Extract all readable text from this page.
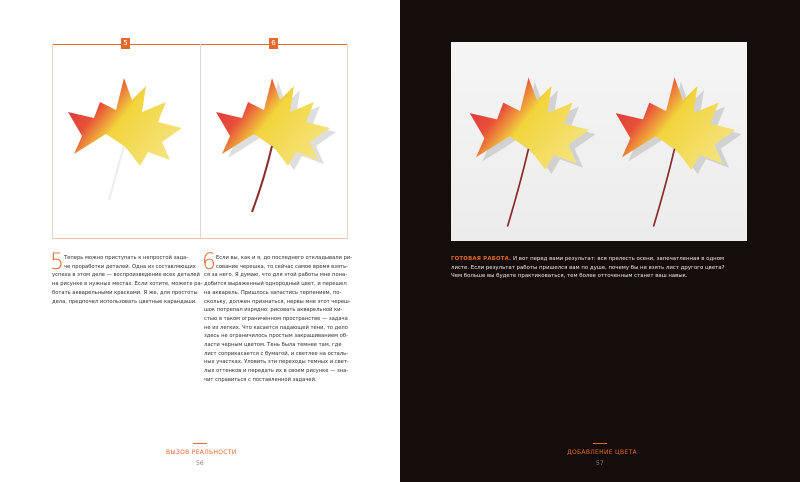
5	6
5 Теперь можно приступать к непростой зада-
че проработки деталей. Одна из составляющих
успеха в этом деле — воспроизведение всех деталей
на рисунке в нужных местах. Если хотите, можете ра-
ботать акварельными красками. Я же, для простоты
дела, предпочел использовать цветные карандаши.
6 Если вы, как и я, до последнего откладывали ри-
сование черешка, то сейчас самое время взять-
ся за него. Я думаю, что для этой работы мне пона-
добится выраженный однородный цвет, и перешел
на акварель. Пришлось запастись терпением, по-
скольку, должен признаться, нервы мне этот череш-
шок потрепал изрядно: рисовать акварельной ки-
стью в таком ограниченном пространстве — задача
не из легких. Что касается падающей тени, то дело
здесь не ограничилось простым закрашиванием об-
ласти черным цветом. Тень была темнее там, где
лист соприкасается с бумагой, и светлее на осталь-
ных участках. Уловить эти переходы темных и свет-
лых оттенков и передать их в своем рисунке — зна-
чит справиться с поставленной задачей.
ВЫЗОВ РЕАЛЬНОСТИ
56
ГОТОВАЯ РАБОТА. И вот перед вами результат: вся прелесть осени, запечатленная в одном
листе. Если результат работы пришелся вам по душе, почему бы не взять лист другого цвета?
Чем больше вы будете практиковаться, тем более отточенным станет ваш навык.
ДОБАВЛЕНИЕ ЦВЕТА
57
